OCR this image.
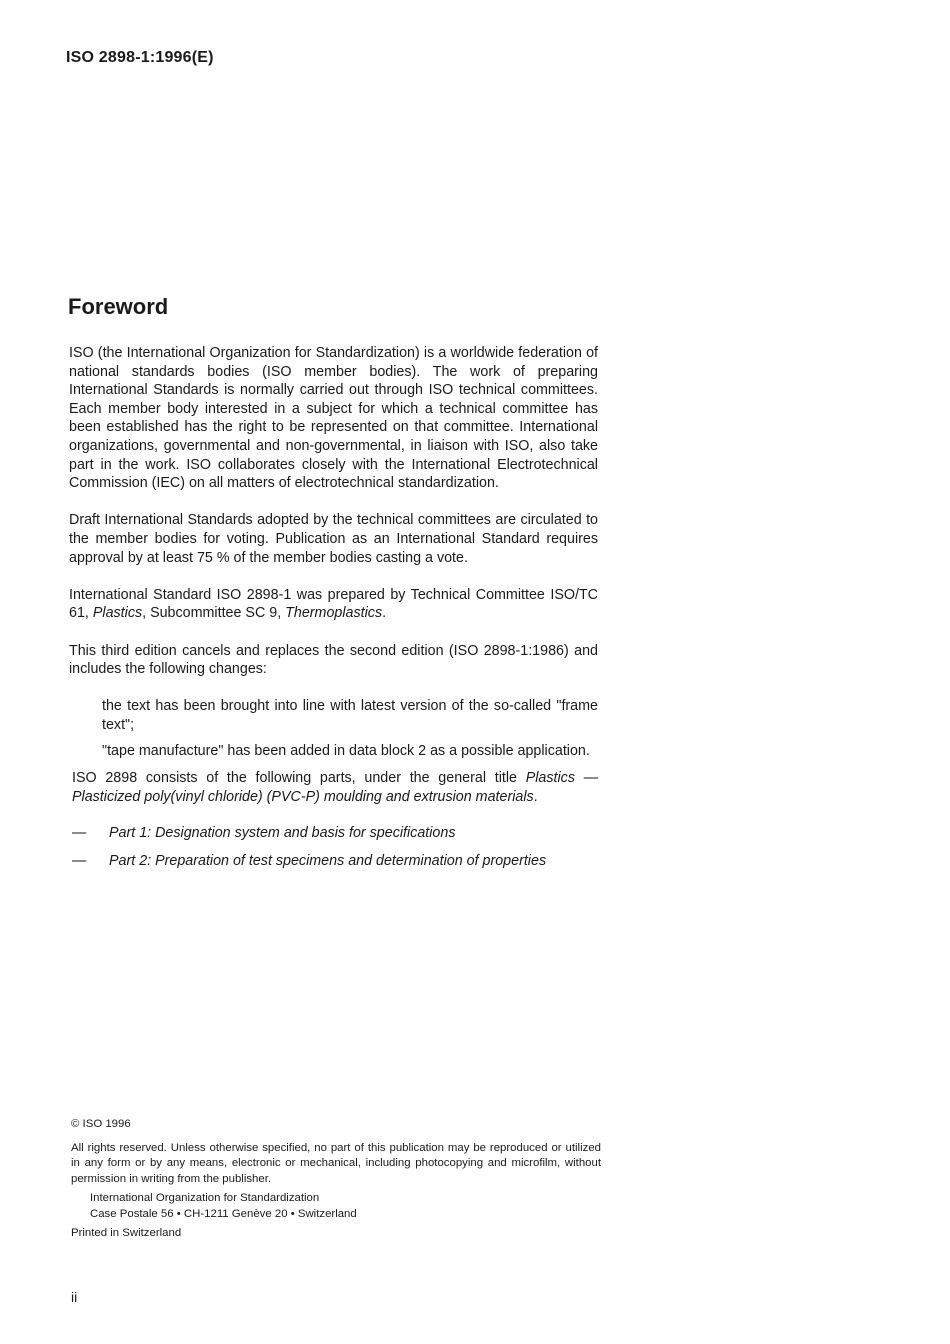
ISO 2898-1:1996(E)
Foreword

ISO (the International Organization for Standardization) is a worldwide federation of national standards bodies (ISO member bodies). The work of preparing International Standards is normally carried out through ISO technical committees. Each member body interested in a subject for which a technical committee has been established has the right to be represented on that committee. International organizations, governmental and non-governmental, in liaison with ISO, also take part in the work. ISO collaborates closely with the International Electrotechnical Commission (IEC) on all matters of electrotechnical standardization.

Draft International Standards adopted by the technical committees are circulated to the member bodies for voting. Publication as an International Standard requires approval by at least 75 % of the member bodies casting a vote.

International Standard ISO 2898-1 was prepared by Technical Committee ISO/TC 61, Plastics, Subcommittee SC 9, Thermoplastics.

This third edition cancels and replaces the second edition (ISO 2898-1:1986) and includes the following changes:

the text has been brought into line with latest version of the so-called "frame text";
"tape manufacture" has been added in data block 2 as a possible application.

ISO 2898 consists of the following parts, under the general title Plastics — Plasticized poly(vinyl chloride) (PVC-P) moulding and extrusion materials.

— Part 1: Designation system and basis for specifications
— Part 2: Preparation of test specimens and determination of properties

© ISO 1996

All rights reserved. Unless otherwise specified, no part of this publication may be reproduced or utilized in any form or by any means, electronic or mechanical, including photocopying and microfilm, without permission in writing from the publisher.

International Organization for Standardization

Case Postale 56 • CH-1211 Genève 20 • Switzerland

Printed in Switzerland

ii
